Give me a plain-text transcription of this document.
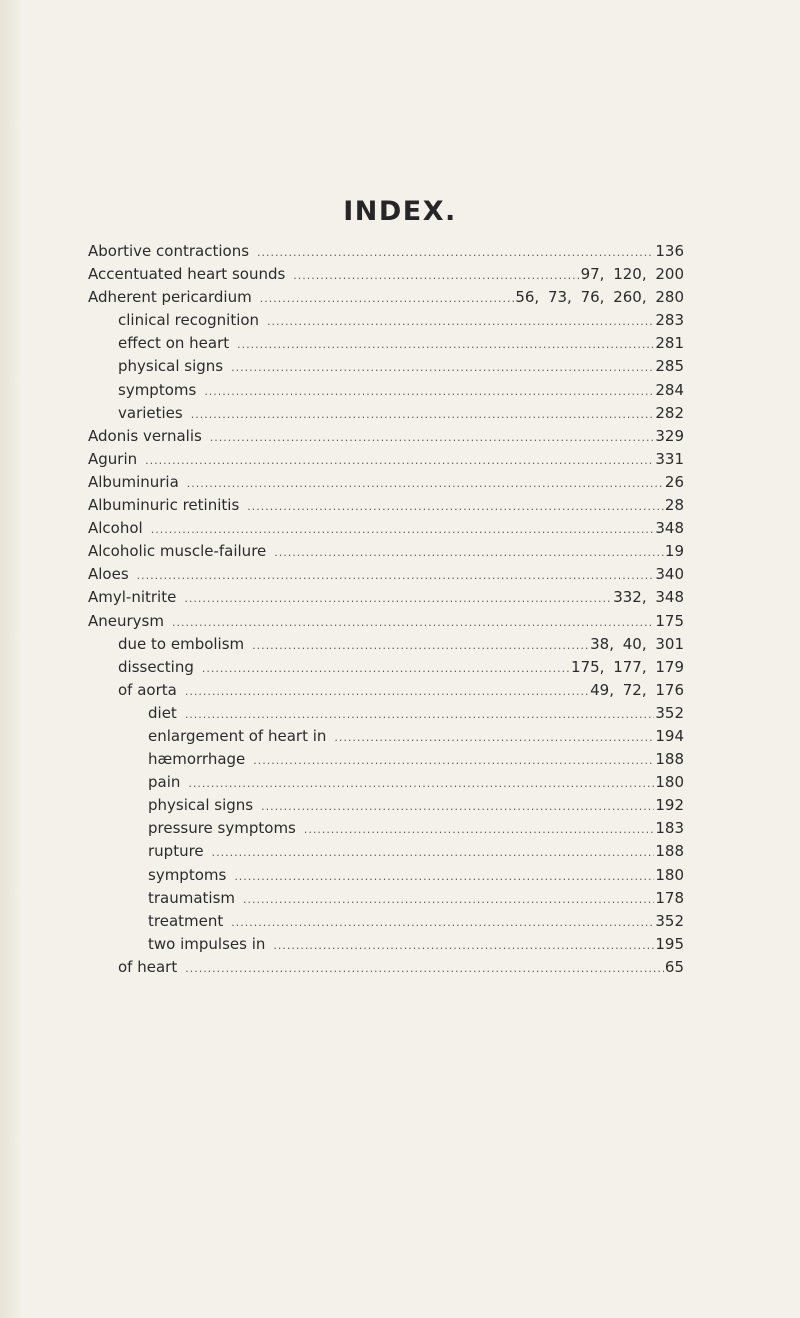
INDEX.
Abortive contractions .....	136
Accentuated heart sounds .....	97, 120, 200
Adherent pericardium .....	56, 73, 76, 260, 280
clinical recognition .....	283
effect on heart .....	281
physical signs .....	285
symptoms .....	284
varieties .....	282
Adonis vernalis .....	329
Agurin .....	331
Albuminuria .....	26
Albuminuric retinitis .....	28
Alcohol .....	348
Alcoholic muscle-failure .....	19
Aloes .....	340
Amyl-nitrite .....	332, 348
Aneurysm .....	175
due to embolism .....	38, 40, 301
dissecting .....	175, 177, 179
of aorta .....	49, 72, 176
diet .....	352
enlargement of heart in .....	194
hæmorrhage .....	188
pain .....	180
physical signs .....	192
pressure symptoms .....	183
rupture .....	188
symptoms .....	180
traumatism .....	178
treatment .....	352
two impulses in .....	195
of heart .....	65
